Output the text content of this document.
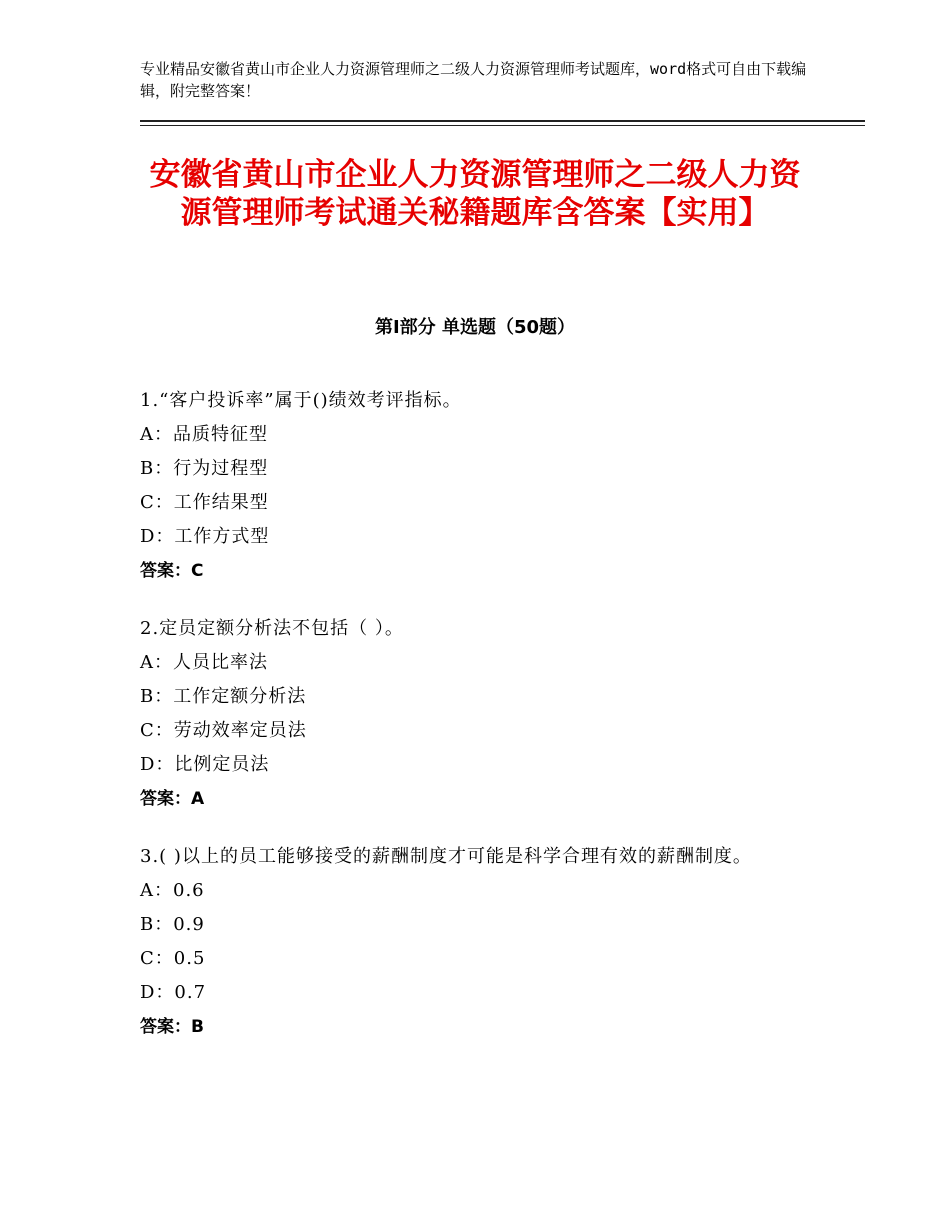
专业精品安徽省黄山市企业人力资源管理师之二级人力资源管理师考试题库，word格式可自由下载编辑，附完整答案！
安徽省黄山市企业人力资源管理师之二级人力资源管理师考试通关秘籍题库含答案【实用】
第Ⅰ部分 单选题（50题）
1.“客户投诉率”属于()绩效考评指标。
A：品质特征型
B：行为过程型
C：工作结果型
D：工作方式型
答案：C
2.定员定额分析法不包括（ ）。
A：人员比率法
B：工作定额分析法
C：劳动效率定员法
D：比例定员法
答案：A
3.( )以上的员工能够接受的薪酬制度才可能是科学合理有效的薪酬制度。
A：0.6
B：0.9
C：0.5
D：0.7
答案：B
